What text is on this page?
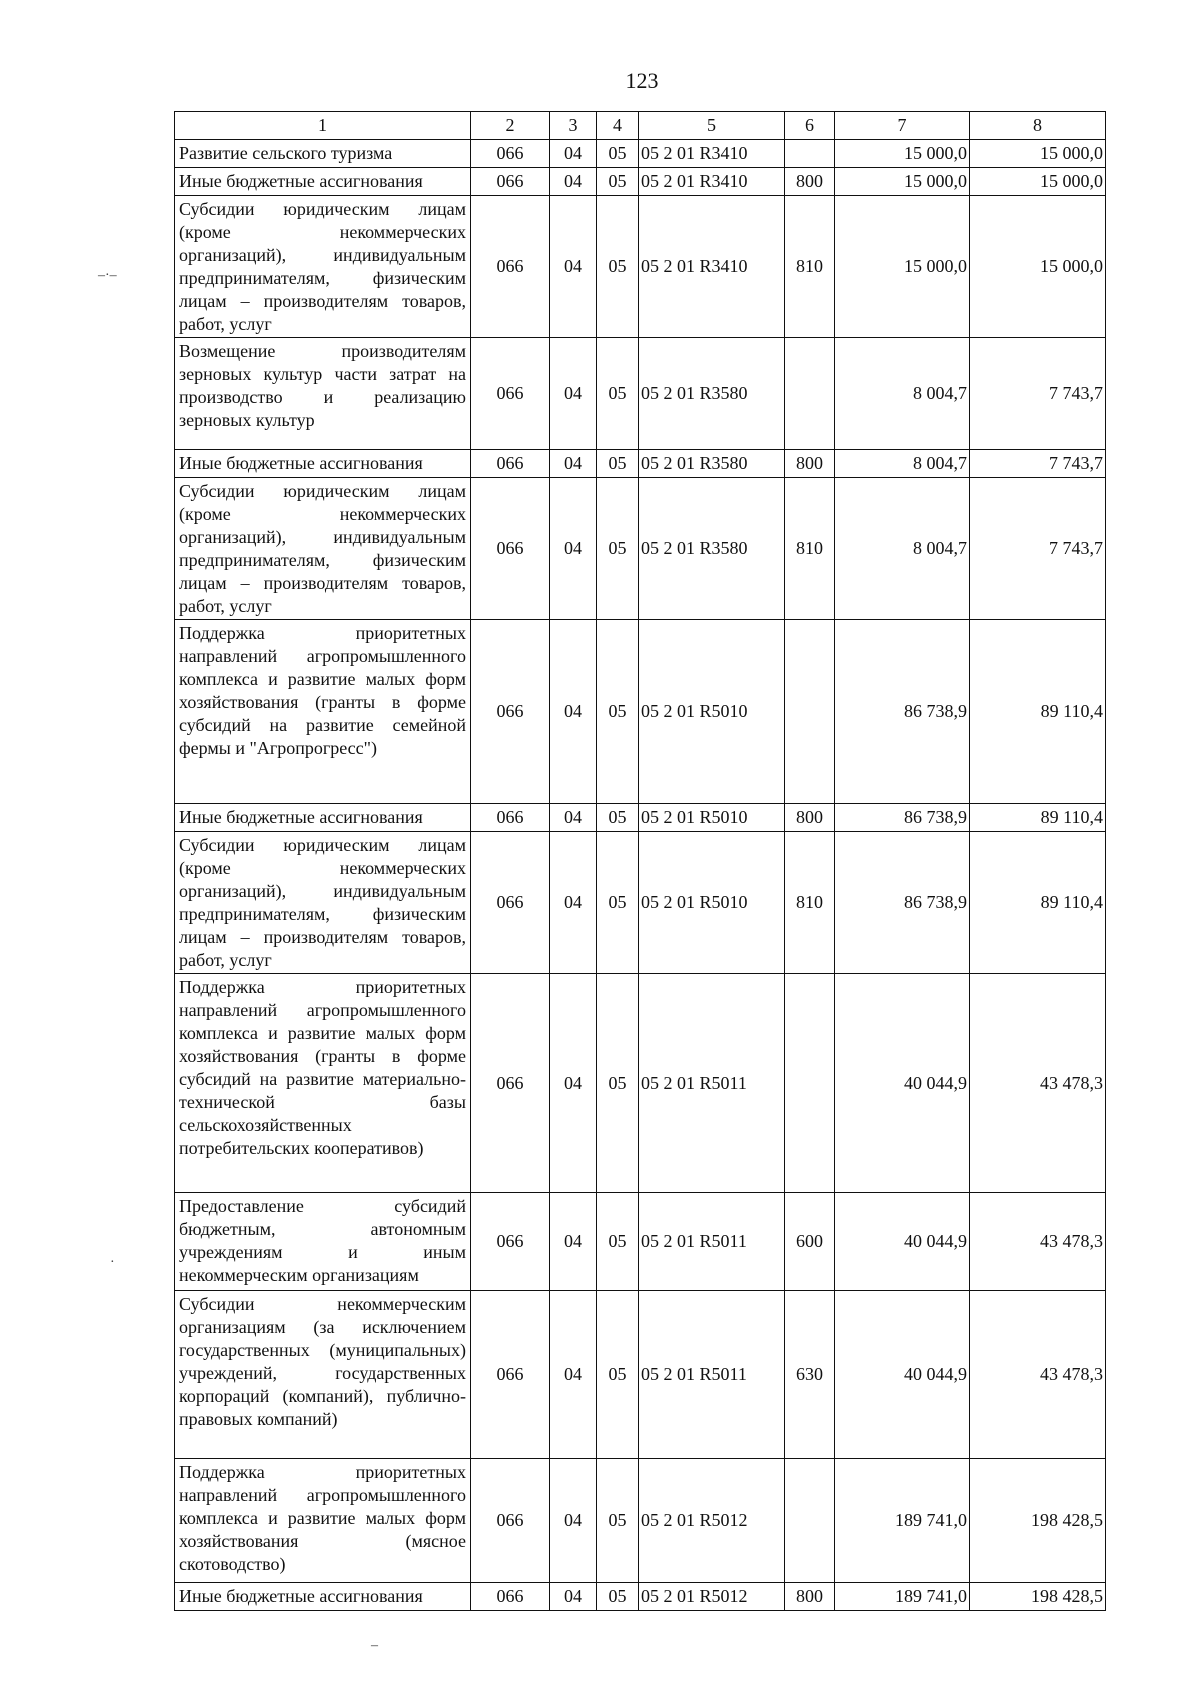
123
–·–
·
–
1	2	3	4	5	6	7	8
Развитие сельского туризма	066	04	05	05 2 01 R3410		15 000,0	15 000,0
Иные бюджетные ассигнования	066	04	05	05 2 01 R3410	800	15 000,0	15 000,0
Субсидии юридическим лицам (кроме некоммерческих организаций), индивидуальным предпринимателям, физическим лицам – производителям товаров, работ, услуг	066	04	05	05 2 01 R3410	810	15 000,0	15 000,0
Возмещение производителям зерновых культур части затрат на производство и реализацию зерновых культур	066	04	05	05 2 01 R3580		8 004,7	7 743,7
Иные бюджетные ассигнования	066	04	05	05 2 01 R3580	800	8 004,7	7 743,7
Субсидии юридическим лицам (кроме некоммерческих организаций), индивидуальным предпринимателям, физическим лицам – производителям товаров, работ, услуг	066	04	05	05 2 01 R3580	810	8 004,7	7 743,7
Поддержка приоритетных направлений агропромышленного комплекса и развитие малых форм хозяйствования (гранты в форме субсидий на развитие семейной фермы и "Агропрогресс")	066	04	05	05 2 01 R5010		86 738,9	89 110,4
Иные бюджетные ассигнования	066	04	05	05 2 01 R5010	800	86 738,9	89 110,4
Субсидии юридическим лицам (кроме некоммерческих организаций), индивидуальным предпринимателям, физическим лицам – производителям товаров, работ, услуг	066	04	05	05 2 01 R5010	810	86 738,9	89 110,4
Поддержка приоритетных направлений агропромышленного комплекса и развитие малых форм хозяйствования (гранты в форме субсидий на развитие материально-технической базы сельскохозяйственных потребительских кооперативов)	066	04	05	05 2 01 R5011		40 044,9	43 478,3
Предоставление субсидий бюджетным, автономным учреждениям и иным некоммерческим организациям	066	04	05	05 2 01 R5011	600	40 044,9	43 478,3
Субсидии некоммерческим организациям (за исключением государственных (муниципальных) учреждений, государственных корпораций (компаний), публично-правовых компаний)	066	04	05	05 2 01 R5011	630	40 044,9	43 478,3
Поддержка приоритетных направлений агропромышленного комплекса и развитие малых форм хозяйствования (мясное скотоводство)	066	04	05	05 2 01 R5012		189 741,0	198 428,5
Иные бюджетные ассигнования	066	04	05	05 2 01 R5012	800	189 741,0	198 428,5
